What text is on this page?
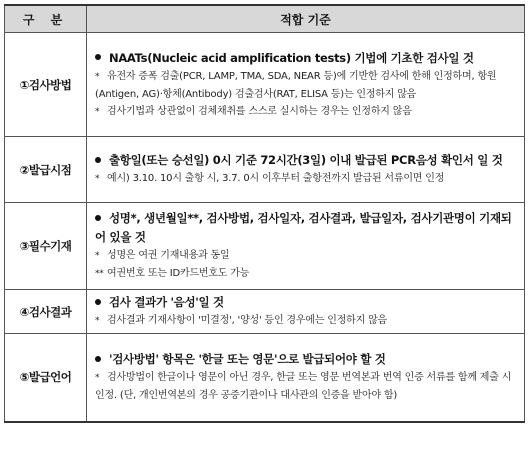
구 분	적합 기준
①검사방법	NAATs(Nucleic acid amplification tests) 기법에 기초한 검사일 것
* 유전자 증폭 검출(PCR, LAMP, TMA, SDA, NEAR 등)에 기반한 검사에 한해 인정하며, 항원(Antigen, AG)·항체(Antibody) 검출검사(RAT, ELISA 등)는 인정하지 않음
* 검사기법과 상관없이 검체채취를 스스로 실시하는 경우는 인정하지 않음

②발급시점	출항일(또는 승선일) 0시 기준 72시간(3일) 이내 발급된 PCR음성 확인서 일 것
* 예시) 3.10. 10시 출항 시, 3.7. 0시 이후부터 출항전까지 발급된 서류이면 인정

③필수기재	성명*, 생년월일**, 검사방법, 검사일자, 검사결과, 발급일자, 검사기관명이 기재되어 있을 것
* 성명은 여권 기재내용과 동일
** 여권번호 또는 ID카드번호도 가능

④검사결과	검사 결과가 '음성'일 것
* 검사결과 기재사항이 '미결정', '양성' 등인 경우에는 인정하지 않음

⑤발급언어	'검사방법' 항목은 '한글 또는 영문'으로 발급되어야 할 것
* 검사방법이 한글이나 영문이 아닌 경우, 한글 또는 영문 번역본과 번역 인증 서류를 함께 제출 시 인정. (단, 개인번역본의 경우 공증기관이나 대사관의 인증을 받아야 함)
